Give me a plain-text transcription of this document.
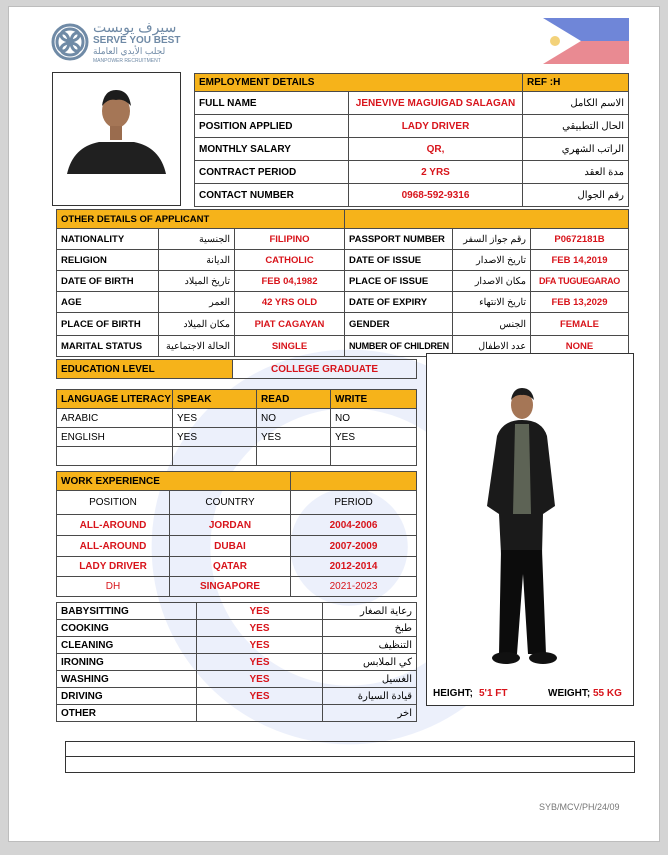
سيرف يوبست
SERVE YOU BEST
لجلب الأيدي العاملة
MANPOWER RECRUITMENT
EMPLOYMENT DETAILS		REF :H
FULL NAME	JENEVIVE MAGUIGAD SALAGAN	الاسم الكامل
POSITION APPLIED	LADY DRIVER	الحال التطبيقي
MONTHLY SALARY	QR,	الراتب الشهري
CONTRACT PERIOD	2 YRS	مدة العقد
CONTACT NUMBER	0968-592-9316	رقم الجوال
OTHER DETAILS OF APPLICANT					
NATIONALITY	الجنسية	FILIPINO	PASSPORT NUMBER	رقم جواز السفر	P0672181B
RELIGION	الديانة	CATHOLIC	DATE OF ISSUE	تاريخ الاصدار	FEB 14,2019
DATE OF BIRTH	تاريخ الميلاد	FEB 04,1982	PLACE OF ISSUE	مكان الاصدار	DFA TUGUEGARAO
AGE	العمر	42 YRS OLD	DATE OF EXPIRY	تاريخ الانتهاء	FEB 13,2029
PLACE OF BIRTH	مكان الميلاد	PIAT CAGAYAN	GENDER	الجنس	FEMALE
MARITAL STATUS	الحالة الاجتماعية	SINGLE	NUMBER OF CHILDREN	عدد الاطفال	NONE
EDUCATION LEVEL	COLLEGE GRADUATE
LANGUAGE LITERACY	SPEAK	READ	WRITE
ARABIC	YES	NO	NO
ENGLISH	YES	YES	YES

WORK EXPERIENCE		
POSITION	COUNTRY	PERIOD
ALL-AROUND	JORDAN	2004-2006
ALL-AROUND	DUBAI	2007-2009
LADY DRIVER	QATAR	2012-2014
DH	SINGAPORE	2021-2023
BABYSITTING	YES	رعاية الصغار
COOKING	YES	طبخ
CLEANING	YES	التنظيف
IRONING	YES	كي الملابس
WASHING	YES	الغسيل
DRIVING	YES	قيادة السيارة
OTHER		اخر
HEIGHT; 5'1 FT	WEIGHT; 55 KG
SYB/MCV/PH/24/09
